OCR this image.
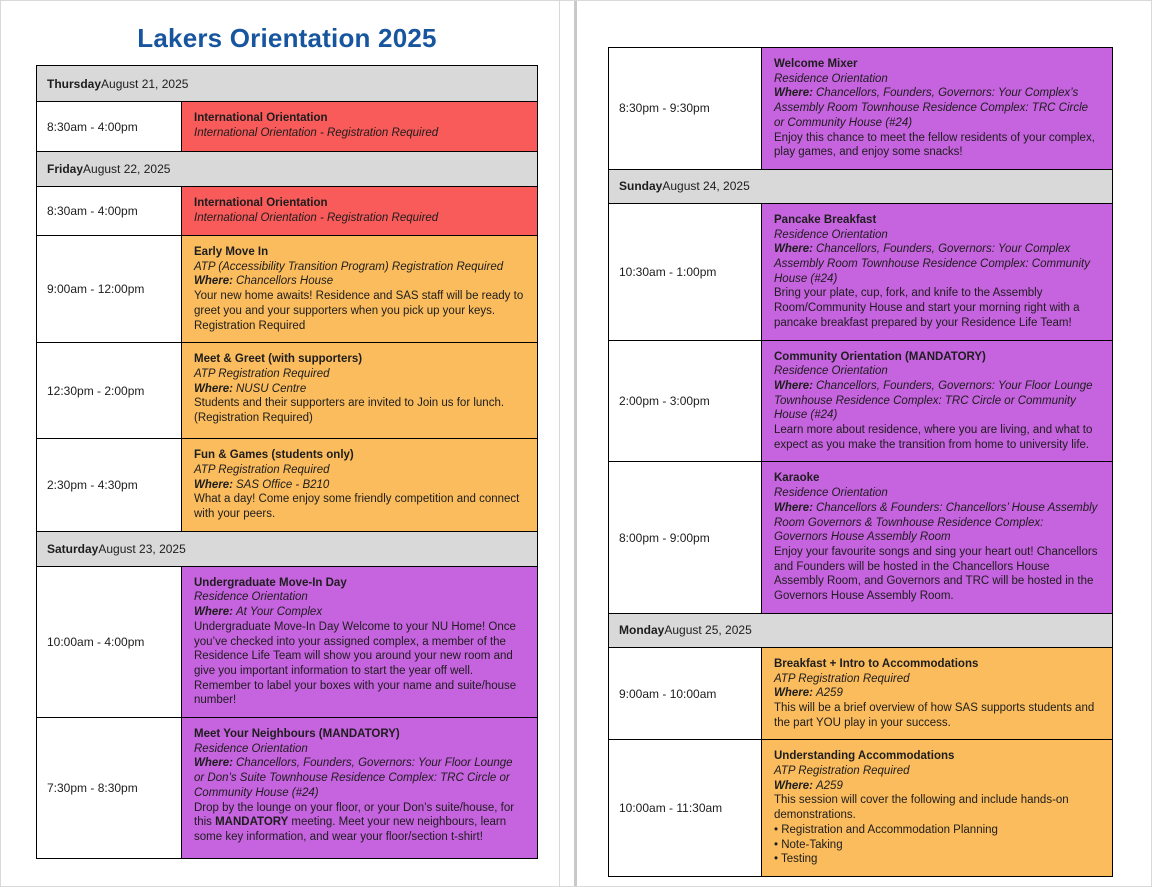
Lakers Orientation 2025
Thursday August 21, 2025
8:30am - 4:00pm
International Orientation
International Orientation - Registration Required
Friday August 22, 2025
8:30am - 4:00pm
International Orientation
International Orientation - Registration Required
9:00am - 12:00pm
Early Move In
ATP (Accessibility Transition Program) Registration Required
Where: Chancellors House
Your new home awaits! Residence and SAS staff will be ready to greet you and your supporters when you pick up your keys.
Registration Required
12:30pm - 2:00pm
Meet & Greet (with supporters)
ATP Registration Required
Where: NUSU Centre
Students and their supporters are invited to Join us for lunch.
(Registration Required)
2:30pm - 4:30pm
Fun & Games (students only)
ATP Registration Required
Where: SAS Office - B210
What a day! Come enjoy some friendly competition and connect with your peers.
Saturday August 23, 2025
10:00am - 4:00pm
Undergraduate Move-In Day
Residence Orientation
Where: At Your Complex
Undergraduate Move-In Day Welcome to your NU Home! Once you’ve checked into your assigned complex, a member of the Residence Life Team will show you around your new room and give you important information to start the year off well. Remember to label your boxes with your name and suite/house number!
7:30pm - 8:30pm
Meet Your Neighbours (MANDATORY)
Residence Orientation
Where: Chancellors, Founders, Governors: Your Floor Lounge or Don’s Suite Townhouse Residence Complex: TRC Circle or Community House (#24)
Drop by the lounge on your floor, or your Don’s suite/house, for this MANDATORY meeting. Meet your new neighbours, learn some key information, and wear your floor/section t-shirt!
8:30pm - 9:30pm
Welcome Mixer
Residence Orientation
Where: Chancellors, Founders, Governors: Your Complex’s Assembly Room Townhouse Residence Complex: TRC Circle or Community House (#24)
Enjoy this chance to meet the fellow residents of your complex, play games, and enjoy some snacks!
Sunday August 24, 2025
10:30am - 1:00pm
Pancake Breakfast
Residence Orientation
Where: Chancellors, Founders, Governors: Your Complex Assembly Room Townhouse Residence Complex: Community House (#24)
Bring your plate, cup, fork, and knife to the Assembly Room/Community House and start your morning right with a pancake breakfast prepared by your Residence Life Team!
2:00pm - 3:00pm
Community Orientation (MANDATORY)
Residence Orientation
Where: Chancellors, Founders, Governors: Your Floor Lounge Townhouse Residence Complex: TRC Circle or Community House (#24)
Learn more about residence, where you are living, and what to expect as you make the transition from home to university life.
8:00pm - 9:00pm
Karaoke
Residence Orientation
Where: Chancellors & Founders: Chancellors’ House Assembly Room Governors & Townhouse Residence Complex: Governors House Assembly Room
Enjoy your favourite songs and sing your heart out! Chancellors and Founders will be hosted in the Chancellors House Assembly Room, and Governors and TRC will be hosted in the Governors House Assembly Room.
Monday August 25, 2025
9:00am - 10:00am
Breakfast + Intro to Accommodations
ATP Registration Required
Where: A259
This will be a brief overview of how SAS supports students and the part YOU play in your success.
10:00am - 11:30am
Understanding Accommodations
ATP Registration Required
Where: A259
This session will cover the following and include hands-on demonstrations.
• Registration and Accommodation Planning
• Note-Taking
• Testing
